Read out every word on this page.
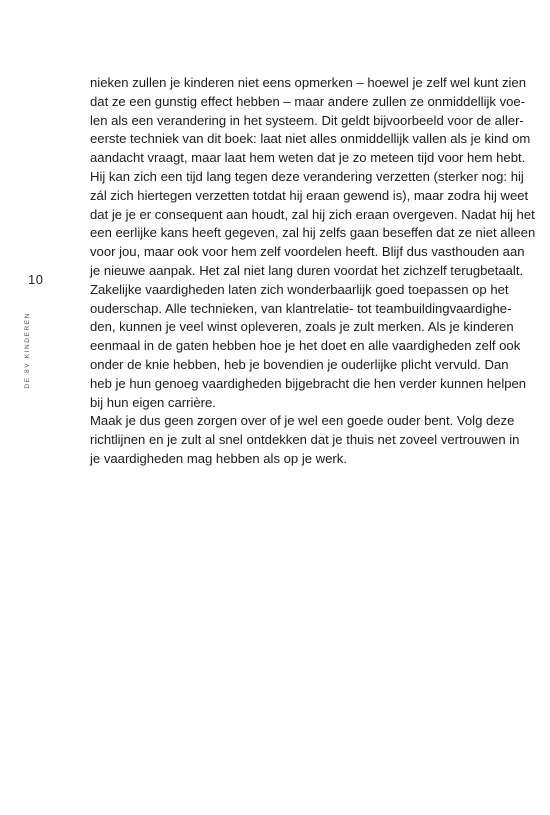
10
DE 8V KINDEREN
nieken zullen je kinderen niet eens opmerken – hoewel je zelf wel kunt zien
dat ze een gunstig effect hebben – maar andere zullen ze onmiddellijk voe-
len als een verandering in het systeem. Dit geldt bijvoorbeeld voor de aller-
eerste techniek van dit boek: laat niet alles onmiddellijk vallen als je kind om
aandacht vraagt, maar laat hem weten dat je zo meteen tijd voor hem hebt.
Hij kan zich een tijd lang tegen deze verandering verzetten (sterker nog: hij
zál zich hiertegen verzetten totdat hij eraan gewend is), maar zodra hij weet
dat je je er consequent aan houdt, zal hij zich eraan overgeven. Nadat hij het
een eerlijke kans heeft gegeven, zal hij zelfs gaan beseffen dat ze niet alleen
voor jou, maar ook voor hem zelf voordelen heeft. Blijf dus vasthouden aan
je nieuwe aanpak. Het zal niet lang duren voordat het zichzelf terugbetaalt.
Zakelijke vaardigheden laten zich wonderbaarlijk goed toepassen op het
ouderschap. Alle technieken, van klantrelatie- tot teambuildingvaardighe-
den, kunnen je veel winst opleveren, zoals je zult merken. Als je kinderen
eenmaal in de gaten hebben hoe je het doet en alle vaardigheden zelf ook
onder de knie hebben, heb je bovendien je ouderlijke plicht vervuld. Dan
heb je hun genoeg vaardigheden bijgebracht die hen verder kunnen helpen
bij hun eigen carrière.
Maak je dus geen zorgen over of je wel een goede ouder bent. Volg deze
richtlijnen en je zult al snel ontdekken dat je thuis net zoveel vertrouwen in
je vaardigheden mag hebben als op je werk.
